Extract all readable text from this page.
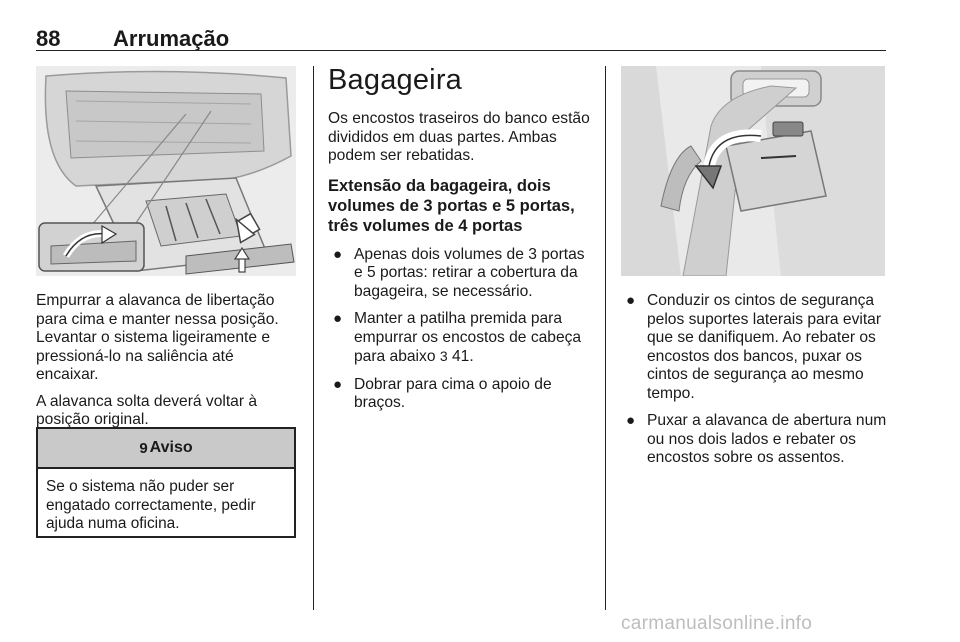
88 Arrumação

Empurrar a alavanca de libertação para cima e manter nessa posição. Levantar o sistema ligeiramente e pressioná-lo na saliência até encaixar.

A alavanca solta deverá voltar à posição original.

9 Aviso
Se o sistema não puder ser engatado correctamente, pedir ajuda numa oficina.
Bagageira

Os encostos traseiros do banco estão divididos em duas partes. Ambas podem ser rebatidas.

Extensão da bagageira, dois volumes de 3 portas e 5 portas, três volumes de 4 portas
● Apenas dois volumes de 3 portas e 5 portas: retirar a cobertura da bagageira, se necessário.
● Manter a patilha premida para empurrar os encostos de cabeça para abaixo 3 41.
● Dobrar para cima o apoio de braços.
● Conduzir os cintos de segurança pelos suportes laterais para evitar que se danifiquem. Ao rebater os encostos dos bancos, puxar os cintos de segurança ao mesmo tempo.
● Puxar a alavanca de abertura num ou nos dois lados e rebater os encostos sobre os assentos.
carmanualsonline.info
